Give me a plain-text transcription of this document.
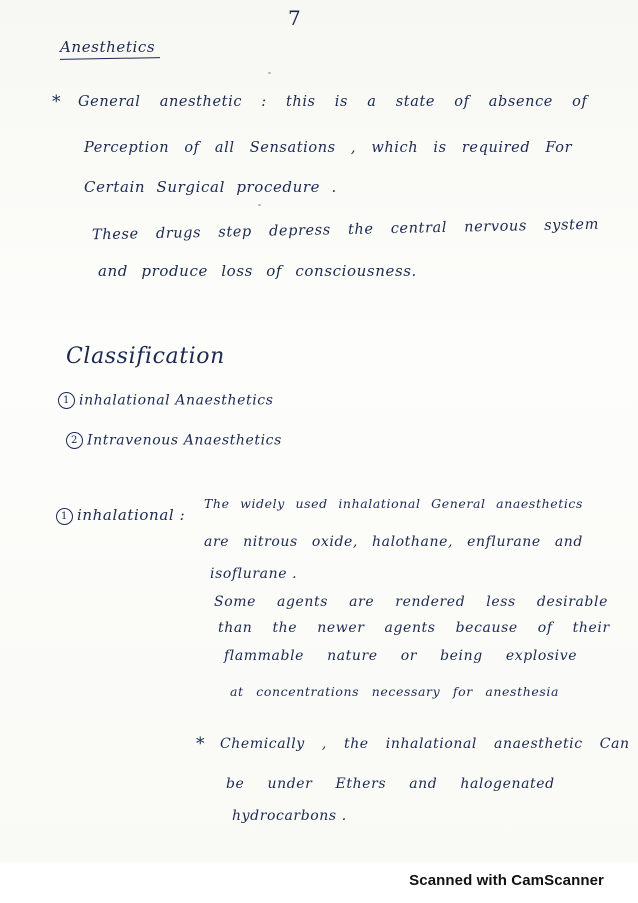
7
Anesthetics
* General anesthetic : this is a state of absence of
Perception of all Sensations , which is required For
Certain Surgical procedure .
These drugs step depress the central nervous system
and produce loss of consciousness.
Classification
1 inhalational Anaesthetics
2 Intravenous Anaesthetics
1 inhalational :
The widely used inhalational General anaesthetics
are nitrous oxide, halothane, enflurane and
isoflurane .
Some agents are rendered less desirable
than the newer agents because of their
flammable nature or being explosive
at concentrations necessary for anesthesia
* Chemically , the inhalational anaesthetic Can
be under Ethers and halogenated
hydrocarbons .
Scanned with CamScanner
